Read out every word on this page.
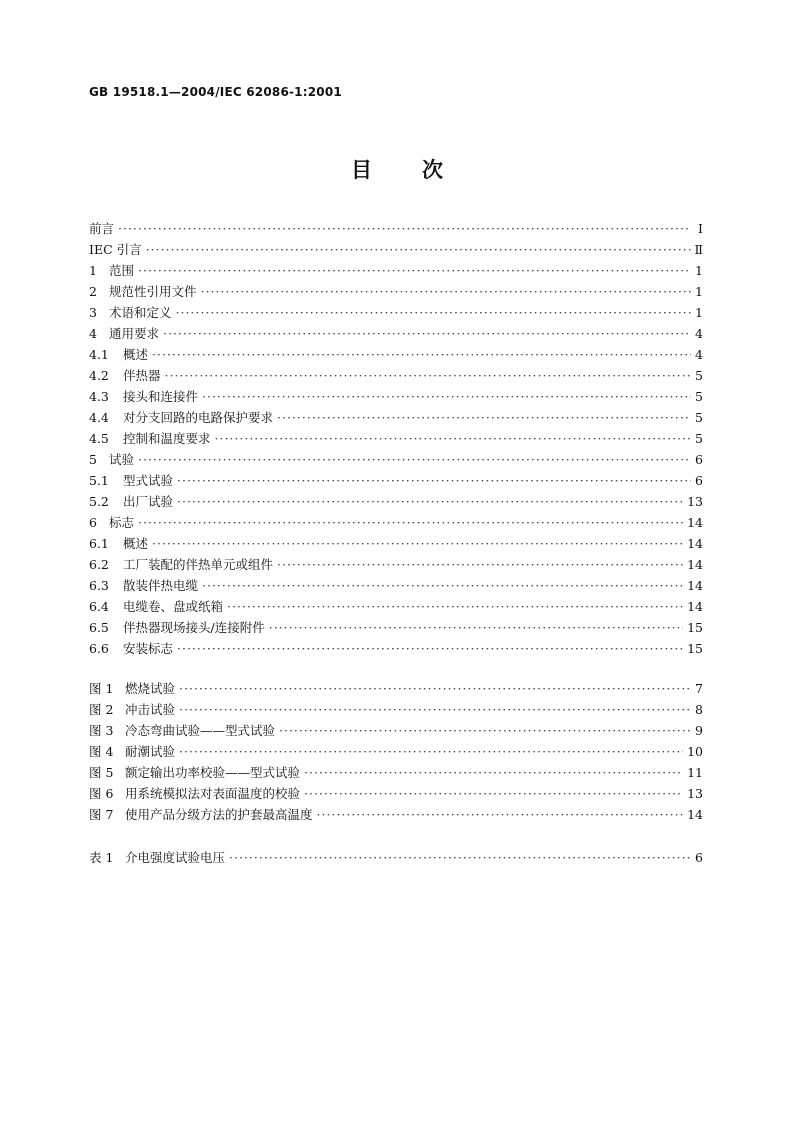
GB 19518.1—2004/IEC 62086-1:2001
目 次
前言 ·····	Ⅰ
IEC 引言 ·····	Ⅱ
1 范围 ·····	1
2 规范性引用文件 ·····	1
3 术语和定义 ·····	1
4 通用要求 ·····	4
4.1	概述 ·····	4
4.2	伴热器 ·····	5
4.3	接头和连接件 ·····	5
4.4	对分支回路的电路保护要求 ·····	5
4.5	控制和温度要求 ·····	5
5 试验 ·····	6
5.1	型式试验 ·····	6
5.2	出厂试验 ·····	13
6 标志 ·····	14
6.1	概述 ·····	14
6.2	工厂装配的伴热单元或组件 ·····	14
6.3	散装伴热电缆 ·····	14
6.4	电缆卷、盘或纸箱 ·····	14
6.5	伴热器现场接头/连接附件 ·····	15
6.6	安装标志 ·····	15
图 1 燃烧试验 ·····	7
图 2 冲击试验 ·····	8
图 3 冷态弯曲试验——型式试验 ·····	9
图 4 耐潮试验 ·····	10
图 5 额定输出功率校验——型式试验 ·····	11
图 6 用系统模拟法对表面温度的校验 ·····	13
图 7 使用产品分级方法的护套最高温度 ·····	14
表 1 介电强度试验电压 ·····	6
